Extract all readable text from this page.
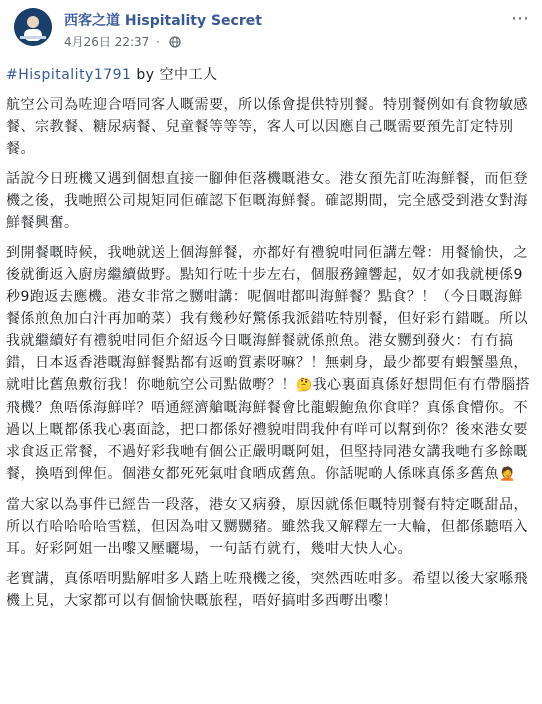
西客之道 Hispitality Secret
4月26日 22:37 ·
⋯
#Hispitality1791 by 空中工人

航空公司為咗迎合唔同客人嘅需要，所以係會提供特別餐。特別餐例如有食物敏感餐、宗教餐、糖尿病餐、兒童餐等等等，客人可以因應自己嘅需要預先訂定特別餐。

話說今日班機又遇到個想直接一腳伸佢落機嘅港女。港女預先訂咗海鮮餐，而佢登機之後，我哋照公司規矩同佢確認下佢嘅海鮮餐。確認期間，完全感受到港女對海鮮餐興奮。

到開餐嘅時候，我哋就送上個海鮮餐，亦都好有禮貌咁同佢講左聲：用餐愉快，之後就衝返入廚房繼續做野。點知行咗十步左右，個服務鐘響起，奴才如我就梗係9秒9跑返去應機。港女非常之嬲咁講：呢個咁都叫海鮮餐？點食？！（今日嘅海鮮餐係煎魚加白汁再加啲菜）我有幾秒好驚係我派錯咗特別餐，但好彩冇錯嘅。所以我就繼續好有禮貌咁同佢介紹返今日嘅海鮮餐就係煎魚。港女嬲到發火：冇冇搞錯，日本返香港嘅海鮮餐點都有返啲質素呀嘛？！無刺身，最少都要有蝦蟹墨魚，就咁比舊魚敷衍我！你哋航空公司點做嘢？！🤔我心裏面真係好想問佢有冇帶腦搭飛機？魚唔係海鮮咩？唔通經濟艙嘅海鮮餐會比龍蝦鮑魚你食咩？真係食懵你。不過以上嘅都係我心裏面諗，把口都係好禮貌咁問我仲有咩可以幫到你？後來港女要求食返正常餐，不過好彩我哋有個公正嚴明嘅阿姐，但堅持同港女講我哋冇多餘嘅餐，換唔到俾佢。個港女都死死氣咁食晒成舊魚。你話呢啲人係咪真係多舊魚🤦

當大家以為事件已經告一段落，港女又病發，原因就係佢嘅特別餐有特定嘅甜品，所以冇哈哈哈哈雪糕，但因為咁又嬲嬲豬。雖然我又解釋左一大輪，但都係聽唔入耳。好彩阿姐一出嚟又壓曬場，一句話冇就冇，幾咁大快人心。

老實講，真係唔明點解咁多人踏上咗飛機之後，突然西咗咁多。希望以後大家喺飛機上見，大家都可以有個愉快嘅旅程，唔好搞咁多西嘢出嚟！
